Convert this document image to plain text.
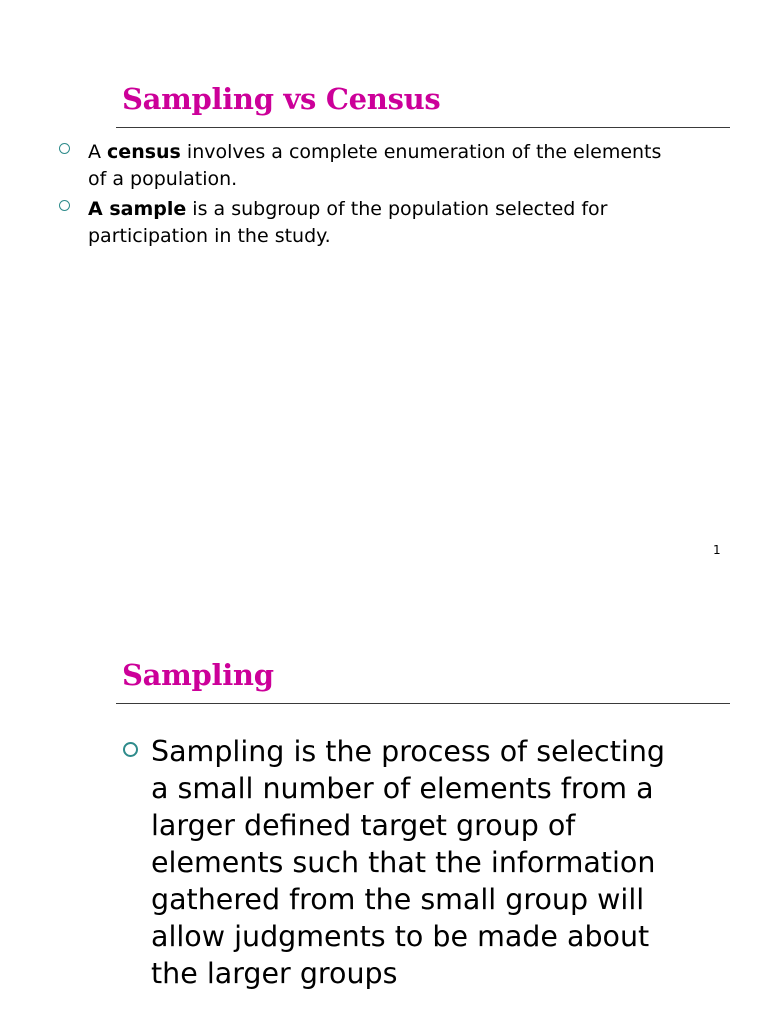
Sampling vs Census
A census involves a complete enumeration of the elements
of a population.
A sample is a subgroup of the population selected for
participation in the study.
1
Sampling
Sampling is the process of selecting
a small number of elements from a
larger defined target group of
elements such that the information
gathered from the small group will
allow judgments to be made about
the larger groups
